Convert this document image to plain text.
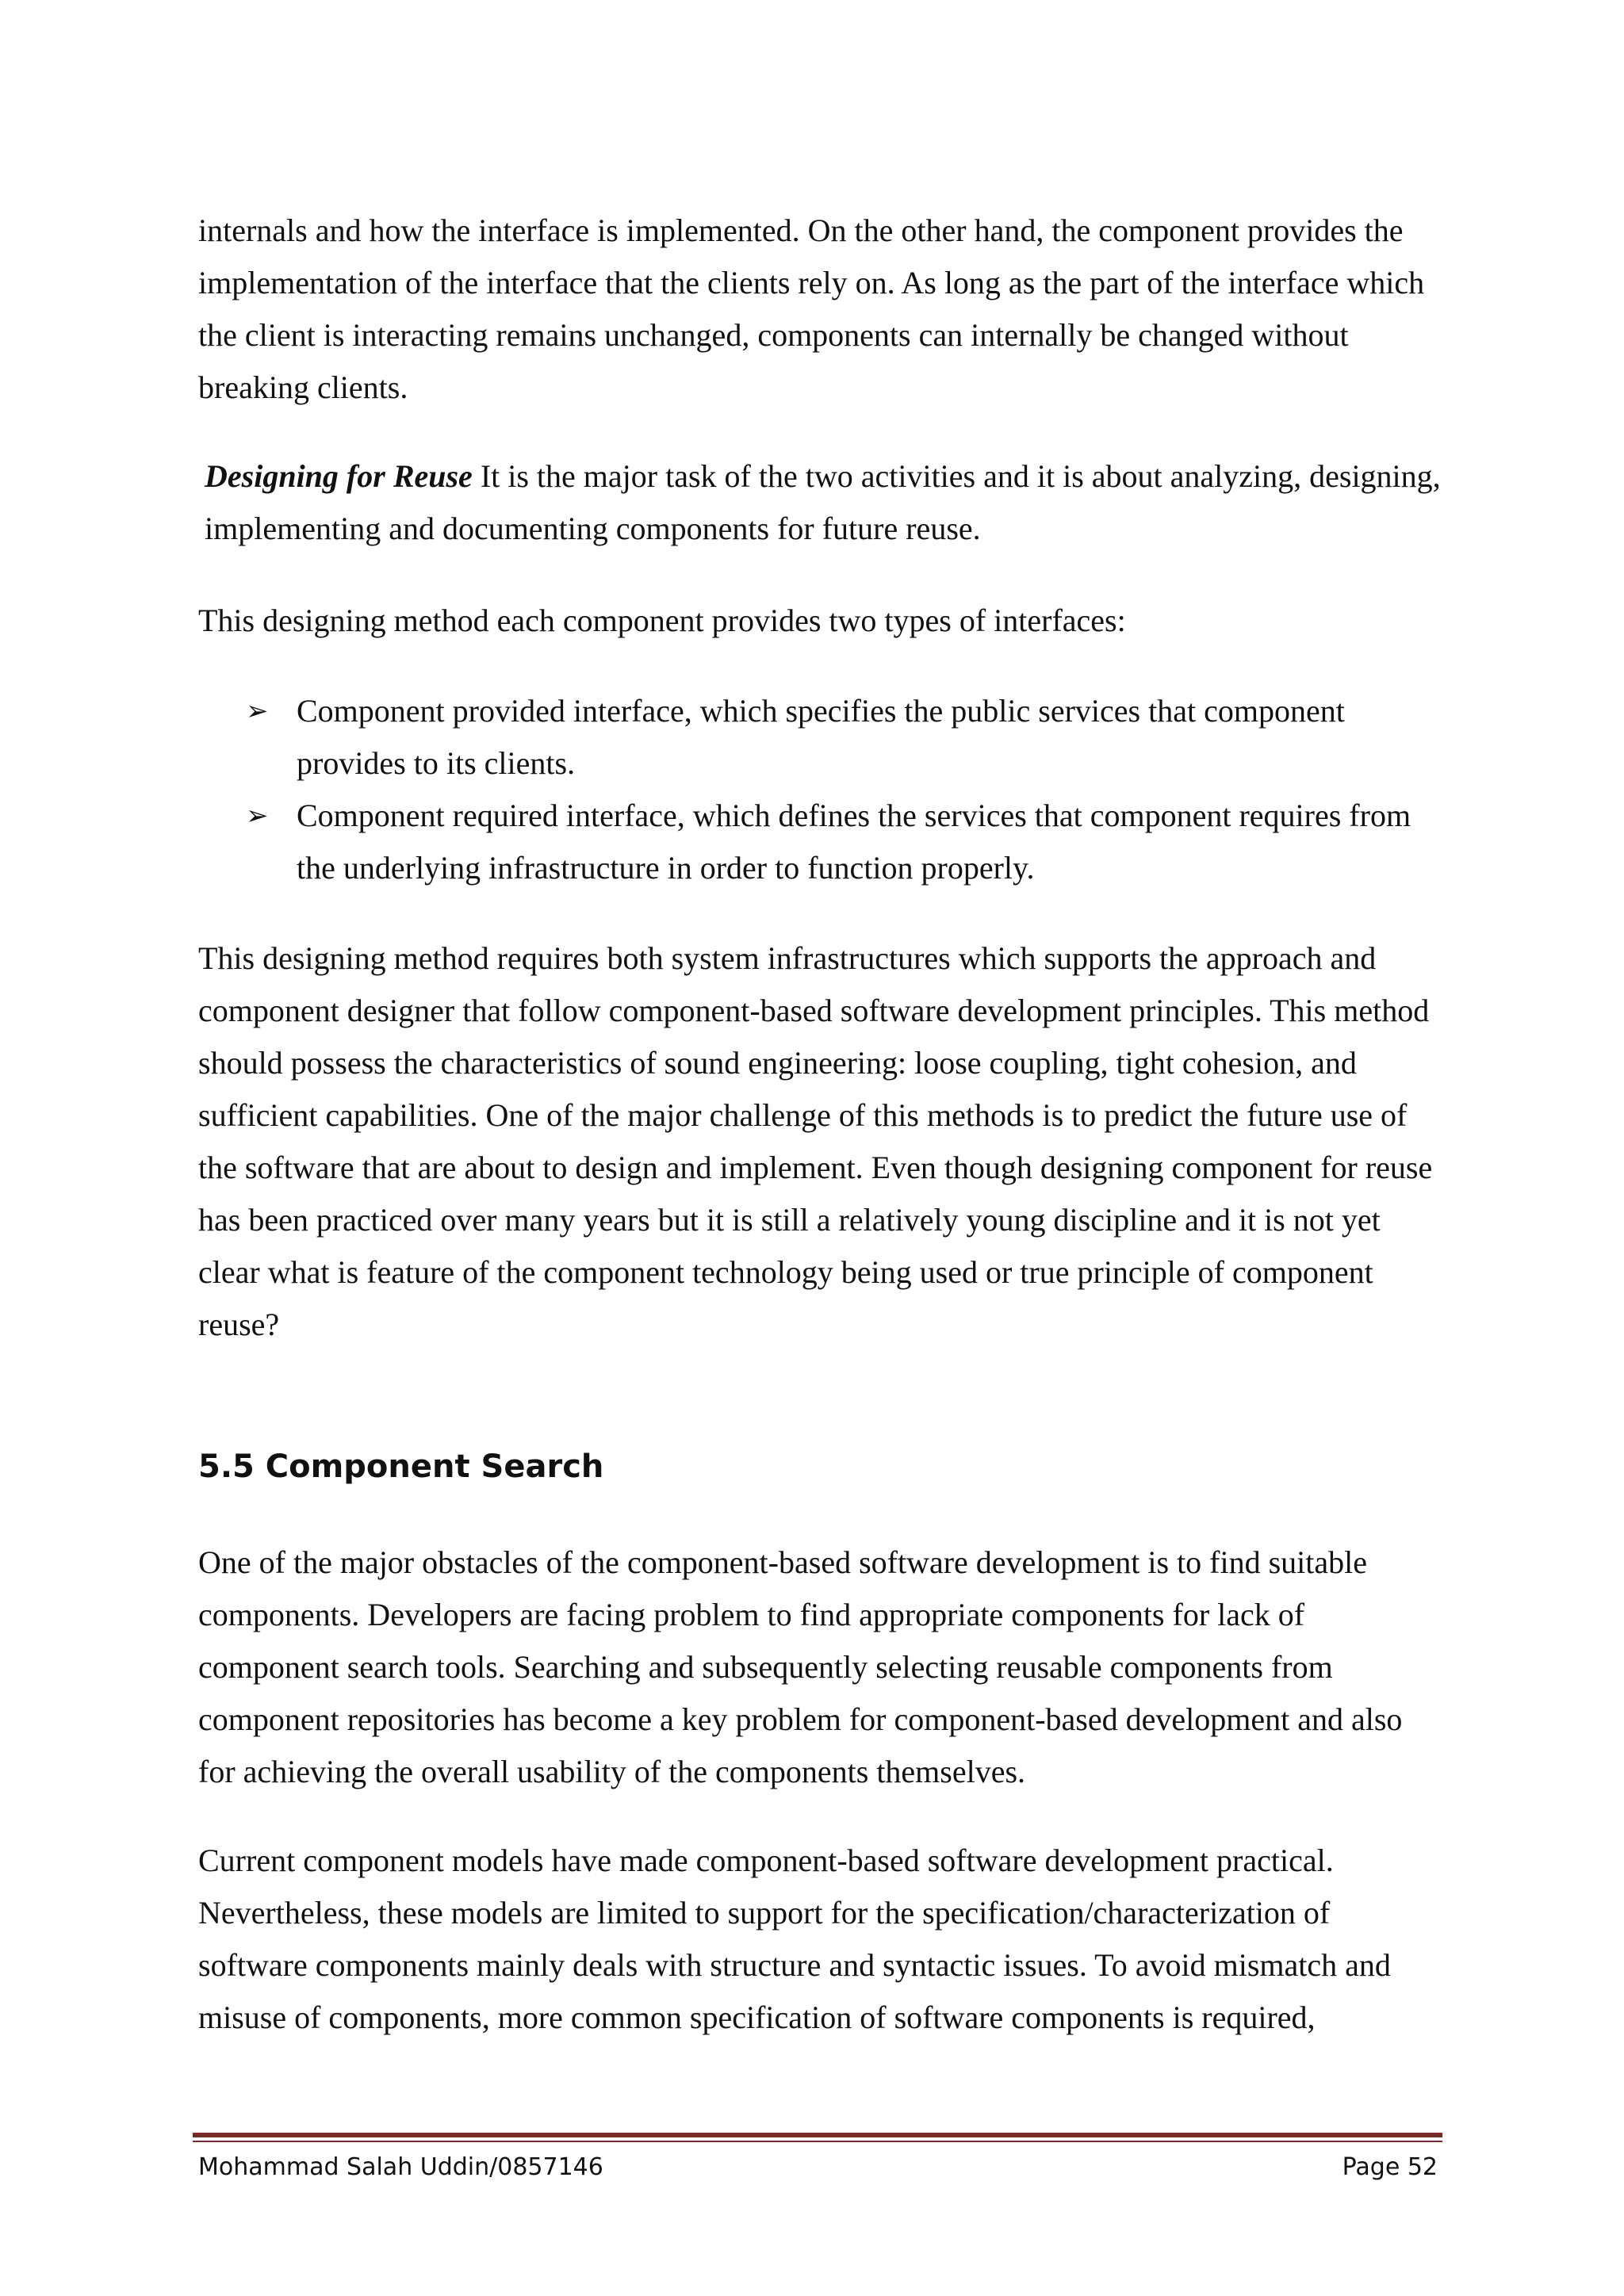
internals and how the interface is implemented. On the other hand, the component provides the implementation of the interface that the clients rely on. As long as the part of the interface which the client is interacting remains unchanged, components can internally be changed without breaking clients.

Designing for Reuse It is the major task of the two activities and it is about analyzing, designing, implementing and documenting components for future reuse.

This designing method each component provides two types of interfaces:

➢ Component provided interface, which specifies the public services that component provides to its clients.
➢ Component required interface, which defines the services that component requires from the underlying infrastructure in order to function properly.

This designing method requires both system infrastructures which supports the approach and component designer that follow component-based software development principles. This method should possess the characteristics of sound engineering: loose coupling, tight cohesion, and sufficient capabilities. One of the major challenge of this methods is to predict the future use of the software that are about to design and implement. Even though designing component for reuse has been practiced over many years but it is still a relatively young discipline and it is not yet clear what is feature of the component technology being used or true principle of component reuse?

5.5 Component Search

One of the major obstacles of the component-based software development is to find suitable components. Developers are facing problem to find appropriate components for lack of component search tools. Searching and subsequently selecting reusable components from component repositories has become a key problem for component-based development and also for achieving the overall usability of the components themselves.

Current component models have made component-based software development practical. Nevertheless, these models are limited to support for the specification/characterization of software components mainly deals with structure and syntactic issues. To avoid mismatch and misuse of components, more common specification of software components is required,

Mohammad Salah Uddin/0857146	Page 52
